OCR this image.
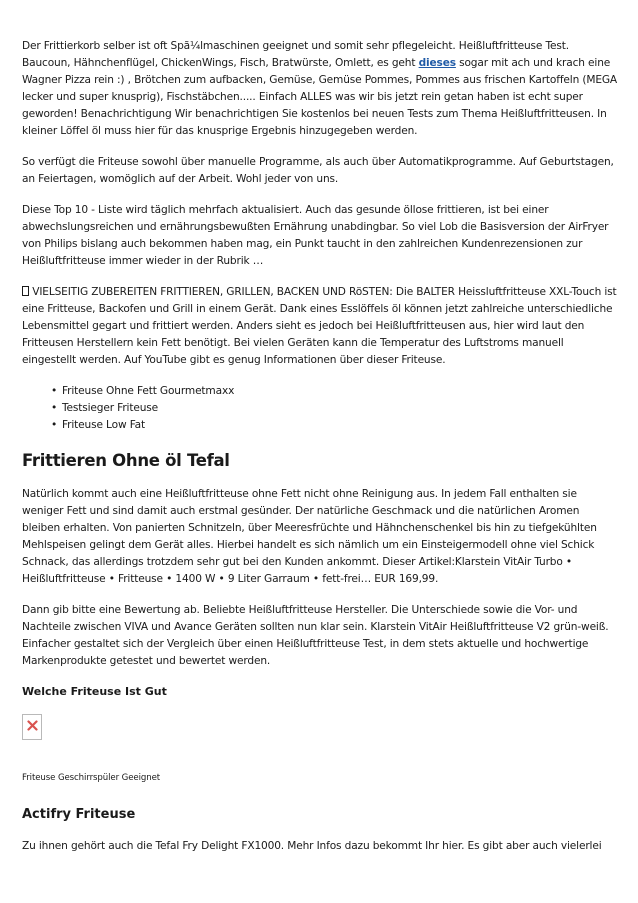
Der Frittierkorb selber ist oft Spã¼lmaschinen geeignet und somit sehr pflegeleicht. Heißluftfritteuse Test. Baucoun, Hähnchenflügel, ChickenWings, Fisch, Bratwürste, Omlett, es geht dieses sogar mit ach und krach eine Wagner Pizza rein :) , Brötchen zum aufbacken, Gemüse, Gemüse Pommes, Pommes aus frischen Kartoffeln (MEGA lecker und super knusprig), Fischstäbchen..... Einfach ALLES was wir bis jetzt rein getan haben ist echt super geworden! Benachrichtigung Wir benachrichtigen Sie kostenlos bei neuen Tests zum Thema Heißluftfritteusen. In kleiner Löffel öl muss hier für das knusprige Ergebnis hinzugegeben werden.

So verfügt die Friteuse sowohl über manuelle Programme, als auch über Automatikprogramme. Auf Geburtstagen, an Feiertagen, womöglich auf der Arbeit. Wohl jeder von uns.

Diese Top 10 - Liste wird täglich mehrfach aktualisiert. Auch das gesunde öllose frittieren, ist bei einer abwechslungsreichen und ernährungsbewußten Ernährung unabdingbar. So viel Lob die Basisversion der AirFryer von Philips bislang auch bekommen haben mag, ein Punkt taucht in den zahlreichen Kundenrezensionen zur Heißluftfritteuse immer wieder in der Rubrik …

VIELSEITIG ZUBEREITEN FRITTIEREN, GRILLEN, BACKEN UND RöSTEN: Die BALTER Heissluftfritteuse XXL-Touch ist eine Fritteuse, Backofen und Grill in einem Gerät. Dank eines Esslöffels öl können jetzt zahlreiche unterschiedliche Lebensmittel gegart und frittiert werden. Anders sieht es jedoch bei Heißluftfritteusen aus, hier wird laut den Fritteusen Herstellern kein Fett benötigt. Bei vielen Geräten kann die Temperatur des Luftstroms manuell eingestellt werden. Auf YouTube gibt es genug Informationen über dieser Friteuse.

• Friteuse Ohne Fett Gourmetmaxx
• Testsieger Friteuse
• Friteuse Low Fat
Frittieren Ohne öl Tefal

Natürlich kommt auch eine Heißluftfritteuse ohne Fett nicht ohne Reinigung aus. In jedem Fall enthalten sie weniger Fett und sind damit auch erstmal gesünder. Der natürliche Geschmack und die natürlichen Aromen bleiben erhalten. Von panierten Schnitzeln, über Meeresfrüchte und Hähnchenschenkel bis hin zu tiefgekühlten Mehlspeisen gelingt dem Gerät alles. Hierbei handelt es sich nämlich um ein Einsteigermodell ohne viel Schick Schnack, das allerdings trotzdem sehr gut bei den Kunden ankommt. Dieser Artikel:Klarstein VitAir Turbo • Heißluftfritteuse • Fritteuse • 1400 W • 9 Liter Garraum • fett-frei… EUR 169,99.

Dann gib bitte eine Bewertung ab. Beliebte Heißluftfritteuse Hersteller. Die Unterschiede sowie die Vor- und Nachteile zwischen VIVA und Avance Geräten sollten nun klar sein. Klarstein VitAir Heißluftfritteuse V2 grün-weiß. Einfacher gestaltet sich der Vergleich über einen Heißluftfritteuse Test, in dem stets aktuelle und hochwertige Markenprodukte getestet und bewertet werden.

Welche Friteuse Ist Gut
Friteuse Geschirrspüler Geeignet
Actifry Friteuse

Zu ihnen gehört auch die Tefal Fry Delight FX1000. Mehr Infos dazu bekommt Ihr hier. Es gibt aber auch vielerlei
